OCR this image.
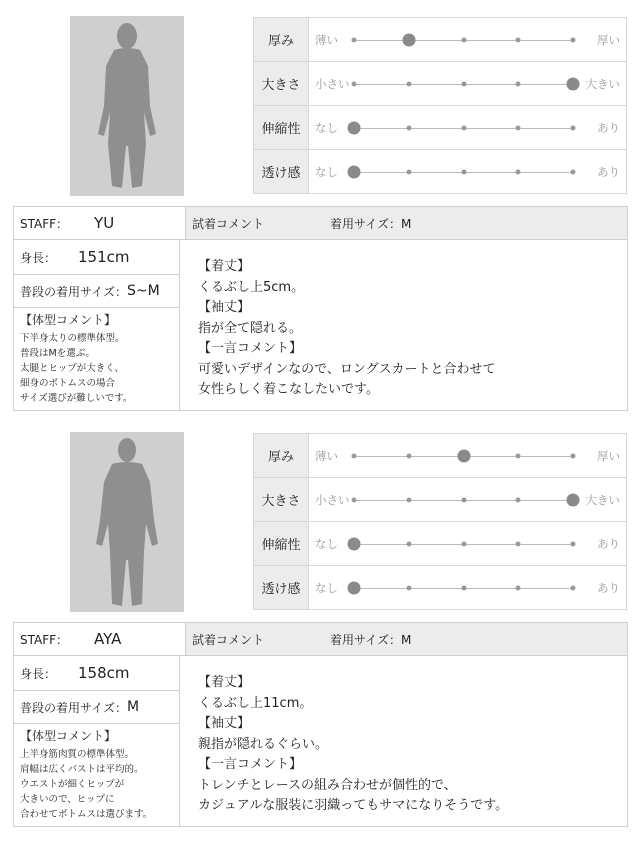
厚み	薄い	厚い
大きさ	小さい	大きい
伸縮性	なし	あり
透け感	なし	あり
STAFF： YU	試着コメント	着用サイズ：M
身長： 151cm
普段の着用サイズ： S~M
【体型コメント】
下半身太りの標準体型。
普段はMを選ぶ。
太腿とヒップが大きく、
細身のボトムスの場合
サイズ選びが難しいです。
【着丈】
くるぶし上5cm。
【袖丈】
指が全て隠れる。
【一言コメント】
可愛いデザインなので、ロングスカートと合わせて
女性らしく着こなしたいです。
厚み	薄い	厚い
大きさ	小さい	大きい
伸縮性	なし	あり
透け感	なし	あり
STAFF： AYA	試着コメント	着用サイズ：M
身長： 158cm
普段の着用サイズ： M
【体型コメント】
上半身筋肉質の標準体型。
肩幅は広くバストは平均的。
ウエストが細くヒップが
大きいので、ヒップに
合わせてボトムスは選びます。
【着丈】
くるぶし上11cm。
【袖丈】
親指が隠れるぐらい。
【一言コメント】
トレンチとレースの組み合わせが個性的で、
カジュアルな服装に羽織ってもサマになりそうです。
